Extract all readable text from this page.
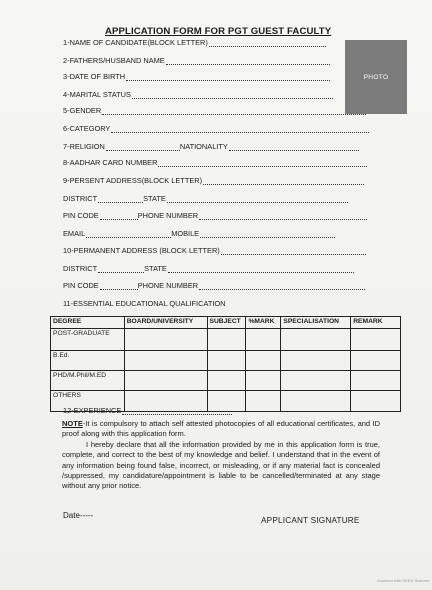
APPLICATION FORM FOR PGT GUEST FACULTY
PHOTO
1-NAME OF CANDIDATE(BLOCK LETTER)
2-FATHERS/HUSBAND NAME
3-DATE OF BIRTH
4-MARITAL STATUS
5-GENDER
6-CATEGORY
7-RELIGION	NATIONALITY
8-AADHAR CARD NUMBER
9-PERSENT ADDRESS(BLOCK LETTER)
DISTRICT	STATE
PIN CODE	PHONE NUMBER
EMAIL	MOBILE
10-PERMANENT ADDRESS (BLOCK LETTER)
DISTRICT	STATE
PIN CODE	PHONE NUMBER
11-ESSENTIAL EDUCATIONAL QUALIFICATION
DEGREE	BOARD/UNIVERSITY	SUBJECT	%MARK	SPECIALISATION	REMARK
POST-GRADUATE					
B.Ed.					
PHD/M.Phil/M.ED					
OTHERS					
12-EXPERIENCE

NOTE-It is compulsory to attach self attested photocopies of all educational certificates, and ID proof along with this application form.

I hereby declare that all the information provided by me in this application form is true, complete, and correct to the best of my knowledge and belief. I understand that in the event of any information being found false, incorrect, or misleading, or if any material fact is concealed /suppressed, my candidature/appointment is liable to be cancelled/terminated at any stage without any prior notice.

Date-----
APPLICANT SIGNATURE
Scanned with OKEN Scanner
